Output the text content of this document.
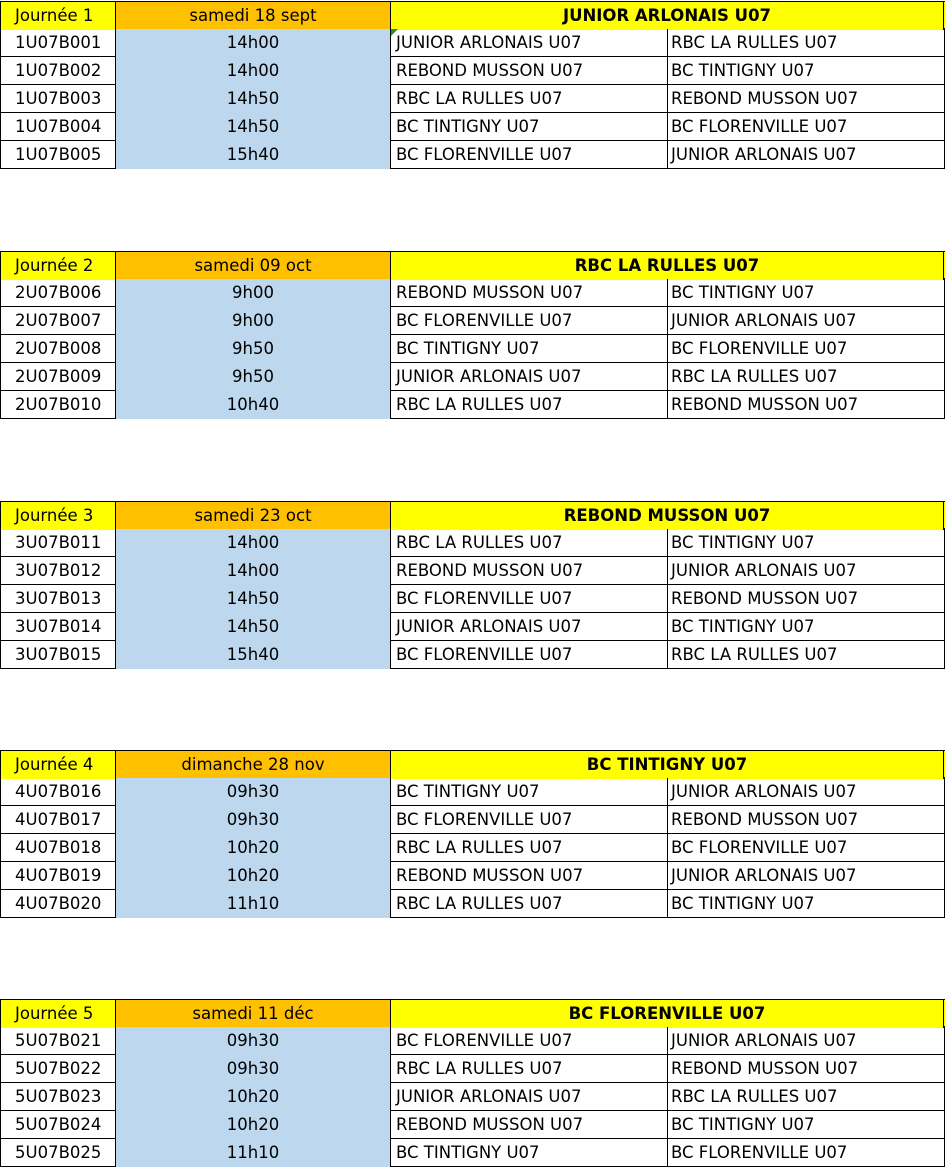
Journée 1	samedi 18 sept	JUNIOR ARLONAIS U07
1U07B001	14h00	JUNIOR ARLONAIS U07	RBC LA RULLES U07
1U07B002	14h00	REBOND MUSSON U07	BC TINTIGNY U07
1U07B003	14h50	RBC LA RULLES U07	REBOND MUSSON U07
1U07B004	14h50	BC TINTIGNY U07	BC FLORENVILLE U07
1U07B005	15h40	BC FLORENVILLE U07	JUNIOR ARLONAIS U07
Journée 2	samedi 09 oct	RBC LA RULLES U07
2U07B006	9h00	REBOND MUSSON U07	BC TINTIGNY U07
2U07B007	9h00	BC FLORENVILLE U07	JUNIOR ARLONAIS U07
2U07B008	9h50	BC TINTIGNY U07	BC FLORENVILLE U07
2U07B009	9h50	JUNIOR ARLONAIS U07	RBC LA RULLES U07
2U07B010	10h40	RBC LA RULLES U07	REBOND MUSSON U07
Journée 3	samedi 23 oct	REBOND MUSSON U07
3U07B011	14h00	RBC LA RULLES U07	BC TINTIGNY U07
3U07B012	14h00	REBOND MUSSON U07	JUNIOR ARLONAIS U07
3U07B013	14h50	BC FLORENVILLE U07	REBOND MUSSON U07
3U07B014	14h50	JUNIOR ARLONAIS U07	BC TINTIGNY U07
3U07B015	15h40	BC FLORENVILLE U07	RBC LA RULLES U07
Journée 4	dimanche 28 nov	BC TINTIGNY U07
4U07B016	09h30	BC TINTIGNY U07	JUNIOR ARLONAIS U07
4U07B017	09h30	BC FLORENVILLE U07	REBOND MUSSON U07
4U07B018	10h20	RBC LA RULLES U07	BC FLORENVILLE U07
4U07B019	10h20	REBOND MUSSON U07	JUNIOR ARLONAIS U07
4U07B020	11h10	RBC LA RULLES U07	BC TINTIGNY U07
Journée 5	samedi 11 déc	BC FLORENVILLE U07
5U07B021	09h30	BC FLORENVILLE U07	JUNIOR ARLONAIS U07
5U07B022	09h30	RBC LA RULLES U07	REBOND MUSSON U07
5U07B023	10h20	JUNIOR ARLONAIS U07	RBC LA RULLES U07
5U07B024	10h20	REBOND MUSSON U07	BC TINTIGNY U07
5U07B025	11h10	BC TINTIGNY U07	BC FLORENVILLE U07
